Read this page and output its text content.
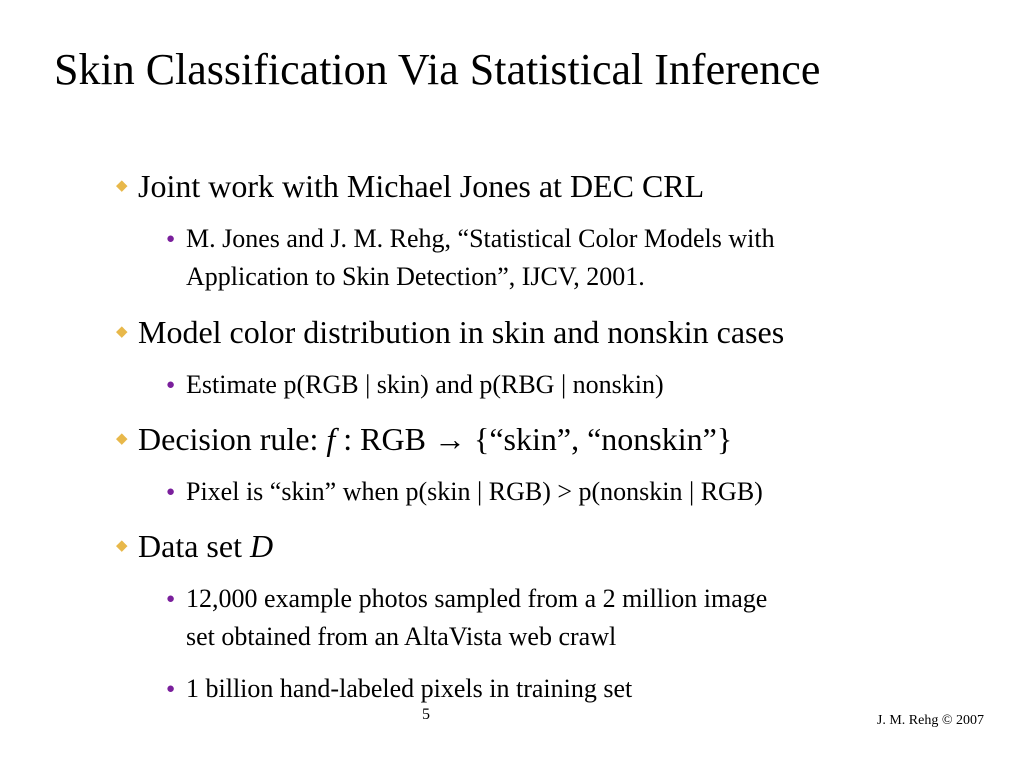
Skin Classification Via Statistical Inference
◆ Joint work with Michael Jones at DEC CRL
● M. Jones and J. M. Rehg, “Statistical Color Models with
Application to Skin Detection”, IJCV, 2001.
◆ Model color distribution in skin and nonskin cases
● Estimate p(RGB | skin) and p(RBG | nonskin)
◆ Decision rule: f : RGB → {“skin”, “nonskin”}
● Pixel is “skin” when p(skin | RGB) > p(nonskin | RGB)
◆ Data set D
● 12,000 example photos sampled from a 2 million image
set obtained from an AltaVista web crawl
● 1 billion hand-labeled pixels in training set
5	J. M. Rehg © 2007
